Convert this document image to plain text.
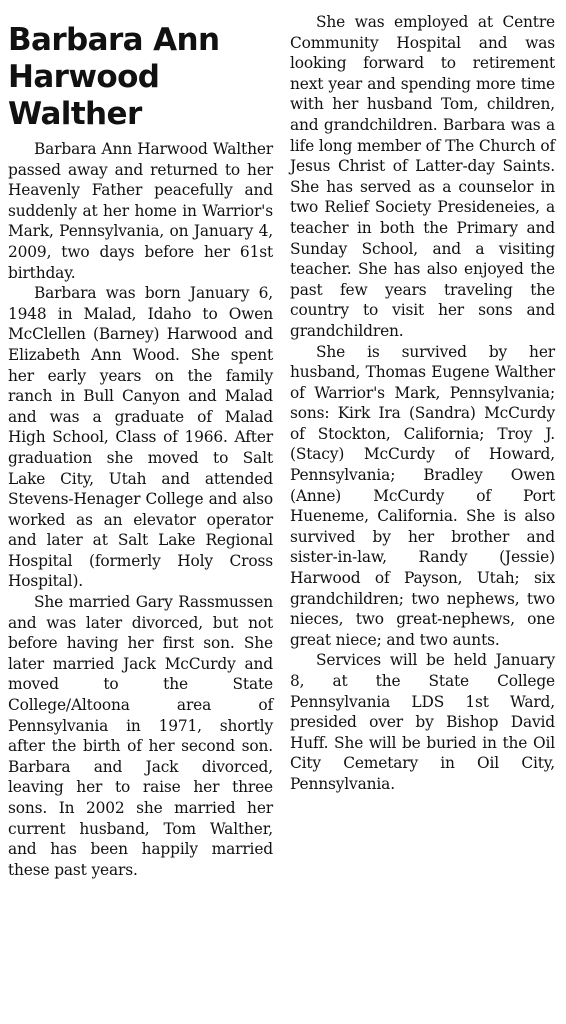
Barbara Ann Harwood Walther

Barbara Ann Harwood Walther passed away and returned to her Heavenly Father peacefully and suddenly at her home in Warrior's Mark, Pennsylvania, on January 4, 2009, two days before her 61st birthday.

Barbara was born January 6, 1948 in Malad, Idaho to Owen McClellen (Barney) Harwood and Elizabeth Ann Wood. She spent her early years on the family ranch in Bull Canyon and Malad and was a graduate of Malad High School, Class of 1966. After graduation she moved to Salt Lake City, Utah and attended Stevens-Henager College and also worked as an elevator operator and later at Salt Lake Regional Hospital (formerly Holy Cross Hospital).

She married Gary Rassmussen and was later divorced, but not before having her first son. She later married Jack McCurdy and moved to the State College/Altoona area of Pennsylvania in 1971, shortly after the birth of her second son. Barbara and Jack divorced, leaving her to raise her three sons. In 2002 she married her current husband, Tom Walther, and has been happily married these past years.

She was employed at Centre Community Hospital and was looking forward to retirement next year and spending more time with her husband Tom, children, and grandchildren. Barbara was a life long member of The Church of Jesus Christ of Latter-day Saints. She has served as a counselor in two Relief Society Presideneies, a teacher in both the Primary and Sunday School, and a visiting teacher. She has also enjoyed the past few years traveling the country to visit her sons and grandchildren.

She is survived by her husband, Thomas Eugene Walther of Warrior's Mark, Pennsylvania; sons: Kirk Ira (Sandra) McCurdy of Stockton, California; Troy J. (Stacy) McCurdy of Howard, Pennsylvania; Bradley Owen (Anne) McCurdy of Port Hueneme, California. She is also survived by her brother and sister-in-law, Randy (Jessie) Harwood of Payson, Utah; six grandchildren; two nephews, two nieces, two great-nephews, one great niece; and two aunts.

Services will be held January 8, at the State College Pennsylvania LDS 1st Ward, presided over by Bishop David Huff. She will be buried in the Oil City Cemetary in Oil City, Pennsylvania.
